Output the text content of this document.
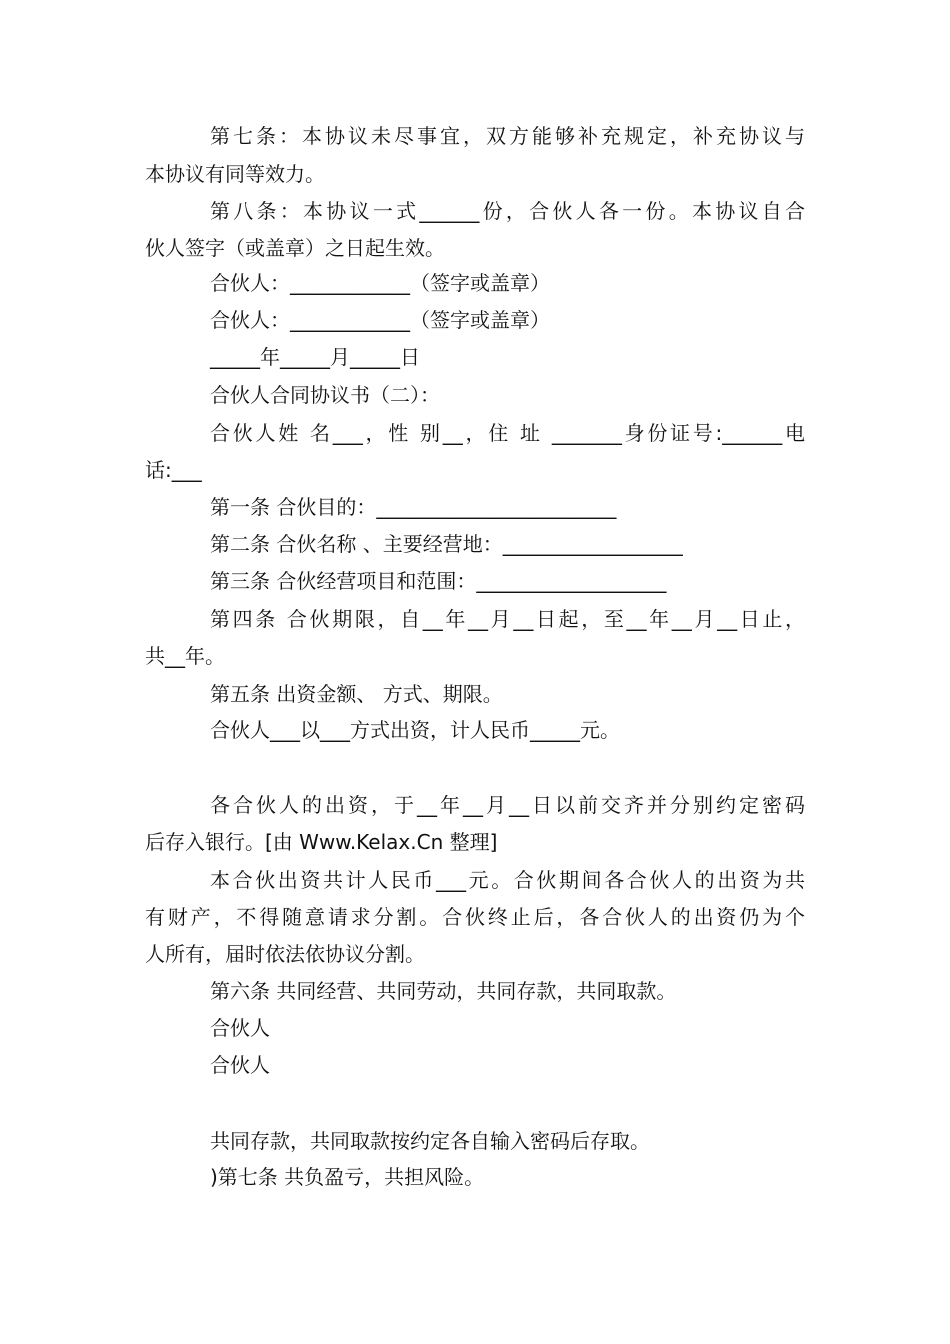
第七条：本协议未尽事宜，双方能够补充规定，补充协议与
本协议有同等效力。
第八条：本协议一式______份，合伙人各一份。本协议自合
伙人签字（或盖章）之日起生效。
合伙人：____________（签字或盖章）
合伙人：____________（签字或盖章）
_____年_____月_____日
合伙人合同协议书（二）：
合伙人姓 名___，性 别__，住 址 _______身份证号:______电
话:___
第一条 合伙目的：________________________
第二条 合伙名称 、主要经营地：__________________
第三条 合伙经营项目和范围：___________________
第四条 合伙期限，自__年__月__日起，至__年__月__日止，
共__年。
第五条 出资金额、 方式、期限。
合伙人___以___方式出资，计人民币_____元。
各合伙人的出资，于__年__月__日以前交齐并分别约定密码
后存入银行。[由 Www.Kelax.Cn 整理]
本合伙出资共计人民币___元。合伙期间各合伙人的出资为共
有财产，不得随意请求分割。合伙终止后，各合伙人的出资仍为个
人所有，届时依法依协议分割。
第六条 共同经营、共同劳动，共同存款，共同取款。
合伙人
合伙人
共同存款，共同取款按约定各自输入密码后存取。
)第七条 共负盈亏，共担风险。
